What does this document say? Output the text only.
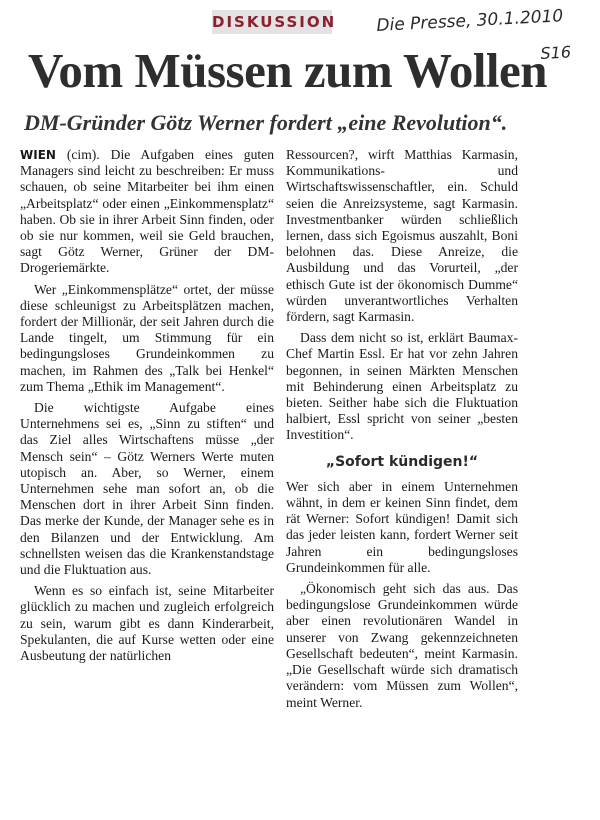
DISKUSSION Die Presse, 30.1.2010
S16
Vom Müssen zum Wollen
DM-Gründer Götz Werner fordert „eine Revolution“.

WIEN (cim). Die Aufgaben eines guten Managers sind leicht zu beschreiben: Er muss schauen, ob seine Mitarbeiter bei ihm einen „Arbeitsplatz“ oder einen „Einkommensplatz“ haben. Ob sie in ihrer Arbeit Sinn finden, oder ob sie nur kommen, weil sie Geld brauchen, sagt Götz Werner, Grüner der DM-Drogeriemärkte.

Wer „Einkommensplätze“ ortet, der müsse diese schleunigst zu Arbeitsplätzen machen, fordert der Millionär, der seit Jahren durch die Lande tingelt, um Stimmung für ein bedingungsloses Grundeinkommen zu machen, im Rahmen des „Talk bei Henkel“ zum Thema „Ethik im Management“.

Die wichtigste Aufgabe eines Unternehmens sei es, „Sinn zu stiften“ und das Ziel alles Wirtschaftens müsse „der Mensch sein“ – Götz Werners Werte muten utopisch an. Aber, so Werner, einem Unternehmen sehe man sofort an, ob die Menschen dort in ihrer Arbeit Sinn finden. Das merke der Kunde, der Manager sehe es in den Bilanzen und der Entwicklung. Am schnellsten weisen das die Krankenstandstage und die Fluktuation aus.

Wenn es so einfach ist, seine Mitarbeiter glücklich zu machen und zugleich erfolgreich zu sein, warum gibt es dann Kinderarbeit, Spekulanten, die auf Kurse wetten oder eine Ausbeutung der natürlichen

Ressourcen?, wirft Matthias Karmasin, Kommunikations- und Wirtschaftswissenschaftler, ein. Schuld seien die Anreizsysteme, sagt Karmasin. Investmentbanker würden schließlich lernen, dass sich Egoismus auszahlt, Boni belohnen das. Diese Anreize, die Ausbildung und das Vorurteil, „der ethisch Gute ist der ökonomisch Dumme“ würden unverantwortliches Verhalten fördern, sagt Karmasin.

Dass dem nicht so ist, erklärt Baumax-Chef Martin Essl. Er hat vor zehn Jahren begonnen, in seinen Märkten Menschen mit Behinderung einen Arbeitsplatz zu bieten. Seither habe sich die Fluktuation halbiert, Essl spricht von seiner „besten Investition“.

„Sofort kündigen!“

Wer sich aber in einem Unternehmen wähnt, in dem er keinen Sinn findet, dem rät Werner: Sofort kündigen! Damit sich das jeder leisten kann, fordert Werner seit Jahren ein bedingungsloses Grundeinkommen für alle.

„Ökonomisch geht sich das aus. Das bedingungslose Grundeinkommen würde aber einen revolutionären Wandel in unserer von Zwang gekennzeichneten Gesellschaft bedeuten“, meint Karmasin. „Die Gesellschaft würde sich dramatisch verändern: vom Müssen zum Wollen“, meint Werner.
